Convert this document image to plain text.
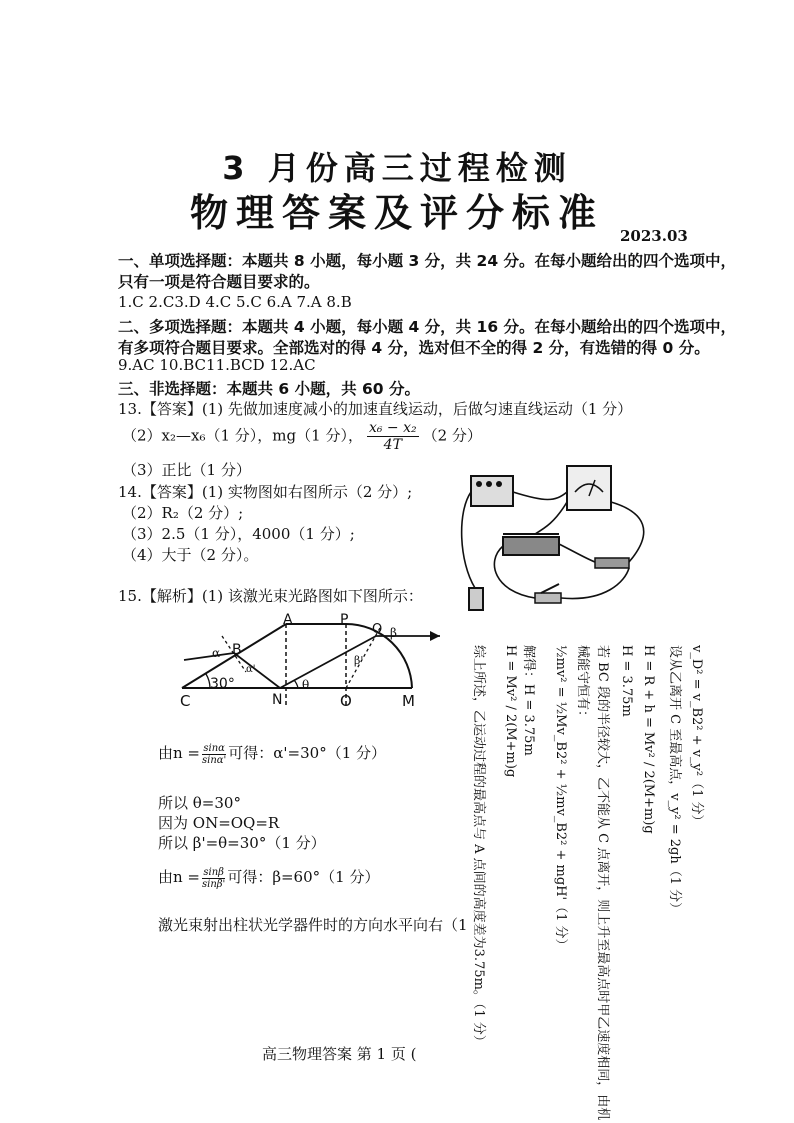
3 月份高三过程检测
物理答案及评分标准
2023.03
一、单项选择题：本题共 8 小题，每小题 3 分，共 24 分。在每小题给出的四个选项中，
只有一项是符合题目要求的。
1.C 2.C3.D 4.C 5.C 6.A 7.A 8.B
二、多项选择题：本题共 4 小题，每小题 4 分，共 16 分。在每小题给出的四个选项中，
有多项符合题目要求。全部选对的得 4 分，选对但不全的得 2 分，有选错的得 0 分。
9.AC 10.BC11.BCD 12.AC
三、非选择题：本题共 6 小题，共 60 分。
13.【答案】(1) 先做加速度减小的加速直线运动，后做匀速直线运动（1 分）
（2）x₂—x₆（1 分），mg（1 分）， $\frac{\text{x₆ − x₂}}{4T} (2$ 分）
（3）正比（1 分）
14.【答案】(1) 实物图如右图所示（2 分）;
（2）R₂（2 分）;
（3）2.5（1 分），4000（1 分）;
（4）大于（2 分）。
15.【解析】(1) 该激光束光路图如下图所示：
C
B
A	P
Q β
α
α'
β'
30°
N
θ
O	M
由$n = \frac{\sin\alpha}{\sin\alpha'}$ 可得：α'=30°（1 分）
所以 θ=30°
因为 ON=OQ=R
所以 β'=θ=30°（1 分）
由$n = \frac{\sin\beta}{\sin\beta'}$ 可得：β=60°（1 分）
激光束射出柱状光学器件时的方向水平向右（1
v_D² = v_B2² + v_y²（1 分）
设从乙离开 C 至最高点，v_y² = 2gh（1 分）
H = R + h = Mv² / 2(M+m)g
H = 3.75m
若 BC 段的半径较大，乙不能从 C 点离开，则上升至最高点时甲乙速度相同，由机
械能守恒有：
½mv² = ½Mv_B2² + ½mv_B2² + mgH'（1 分）
解得：H = 3.75m
H = Mv² / 2(M+m)g
综上所述，乙运动过程的最高点与 A 点间的高度差为3.75m。（1 分）
高三物理答案 第 1 页 (
